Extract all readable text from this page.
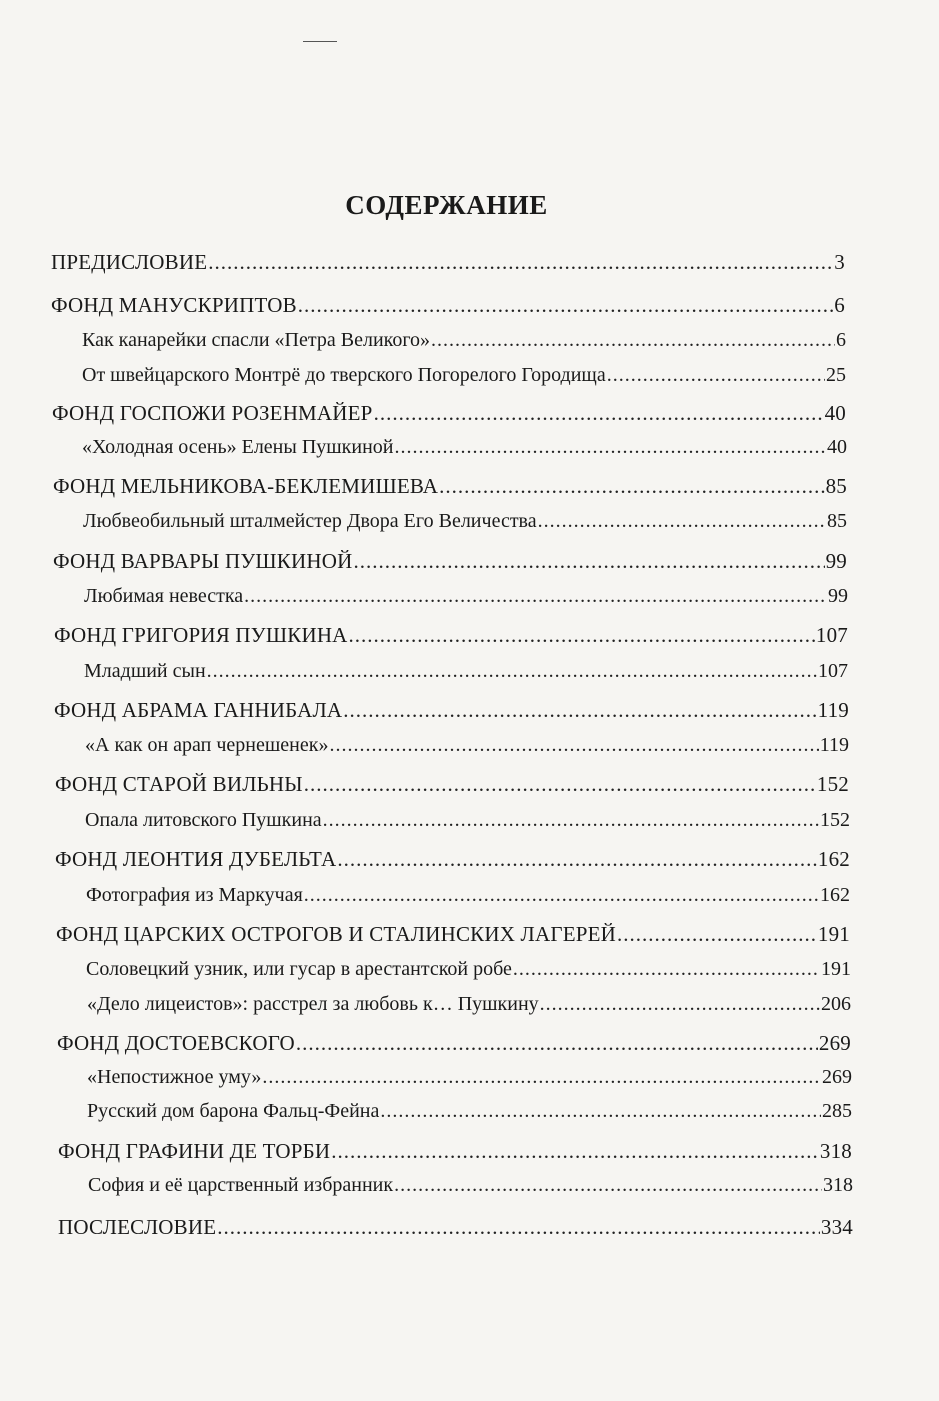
СОДЕРЖАНИЕ
ПРЕДИСЛОВИЕ .....	3
ФОНД МАНУСКРИПТОВ .....	6
Как канарейки спасли «Петра Великого» .....	6
От швейцарского Монтрё до тверского Погорелого Городища .....	25
ФОНД ГОСПОЖИ РОЗЕНМАЙЕР .....	40
«Холодная осень» Елены Пушкиной .....	40
ФОНД МЕЛЬНИКОВА-БЕКЛЕМИШЕВА .....	85
Любвеобильный шталмейстер Двора Его Величества .....	85
ФОНД ВАРВАРЫ ПУШКИНОЙ .....	99
Любимая невестка .....	99
ФОНД ГРИГОРИЯ ПУШКИНА .....	107
Младший сын .....	107
ФОНД АБРАМА ГАННИБАЛА .....	119
«А как он арап чернешенек» .....	119
ФОНД СТАРОЙ ВИЛЬНЫ .....	152
Опала литовского Пушкина .....	152
ФОНД ЛЕОНТИЯ ДУБЕЛЬТА .....	162
Фотография из Маркучая .....	162
ФОНД ЦАРСКИХ ОСТРОГОВ И СТАЛИНСКИХ ЛАГЕРЕЙ .....	191
Соловецкий узник, или гусар в арестантской робе .....	191
«Дело лицеистов»: расстрел за любовь к… Пушкину .....	206
ФОНД ДОСТОЕВСКОГО .....	269
«Непостижное уму» .....	269
Русский дом барона Фальц-Фейна .....	285
ФОНД ГРАФИНИ ДЕ ТОРБИ .....	318
София и её царственный избранник .....	318
ПОСЛЕСЛОВИЕ .....	334
